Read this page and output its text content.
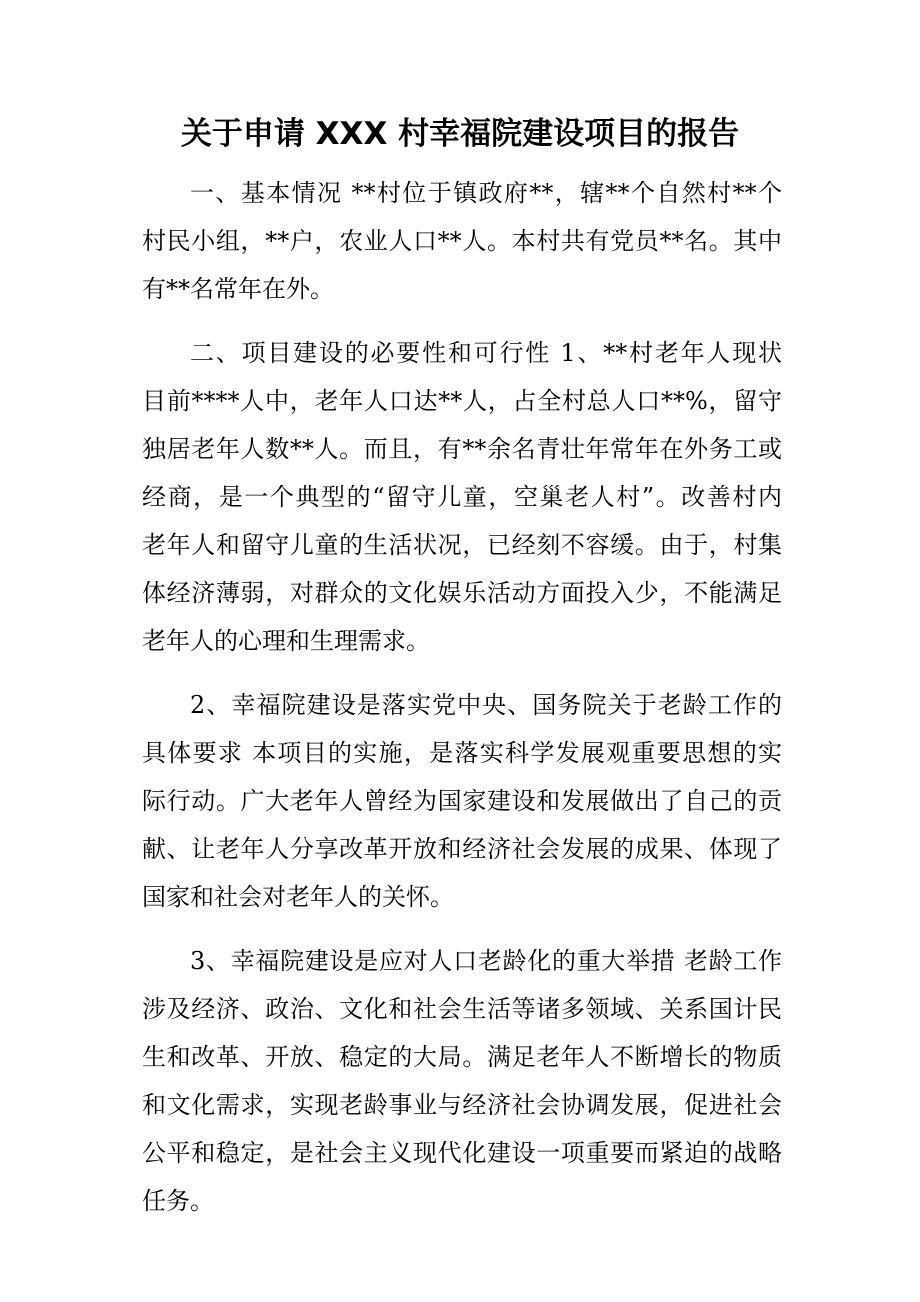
关于申请 XXX 村幸福院建设项目的报告
一、基本情况 **村位于镇政府**，辖**个自然村**个
村民小组，**户，农业人口**人。本村共有党员**名。其中
有**名常年在外。
二、项目建设的必要性和可行性 1、**村老年人现状
目前****人中，老年人口达**人，占全村总人口**%，留守
独居老年人数**人。而且，有**余名青壮年常年在外务工或
经商，是一个典型的“留守儿童，空巢老人村”。改善村内
老年人和留守儿童的生活状况，已经刻不容缓。由于，村集
体经济薄弱，对群众的文化娱乐活动方面投入少，不能满足
老年人的心理和生理需求。
2、幸福院建设是落实党中央、国务院关于老龄工作的
具体要求 本项目的实施，是落实科学发展观重要思想的实
际行动。广大老年人曾经为国家建设和发展做出了自己的贡
献、让老年人分享改革开放和经济社会发展的成果、体现了
国家和社会对老年人的关怀。
3、幸福院建设是应对人口老龄化的重大举措 老龄工作
涉及经济、政治、文化和社会生活等诸多领域、关系国计民
生和改革、开放、稳定的大局。满足老年人不断增长的物质
和文化需求，实现老龄事业与经济社会协调发展，促进社会
公平和稳定，是社会主义现代化建设一项重要而紧迫的战略
任务。
